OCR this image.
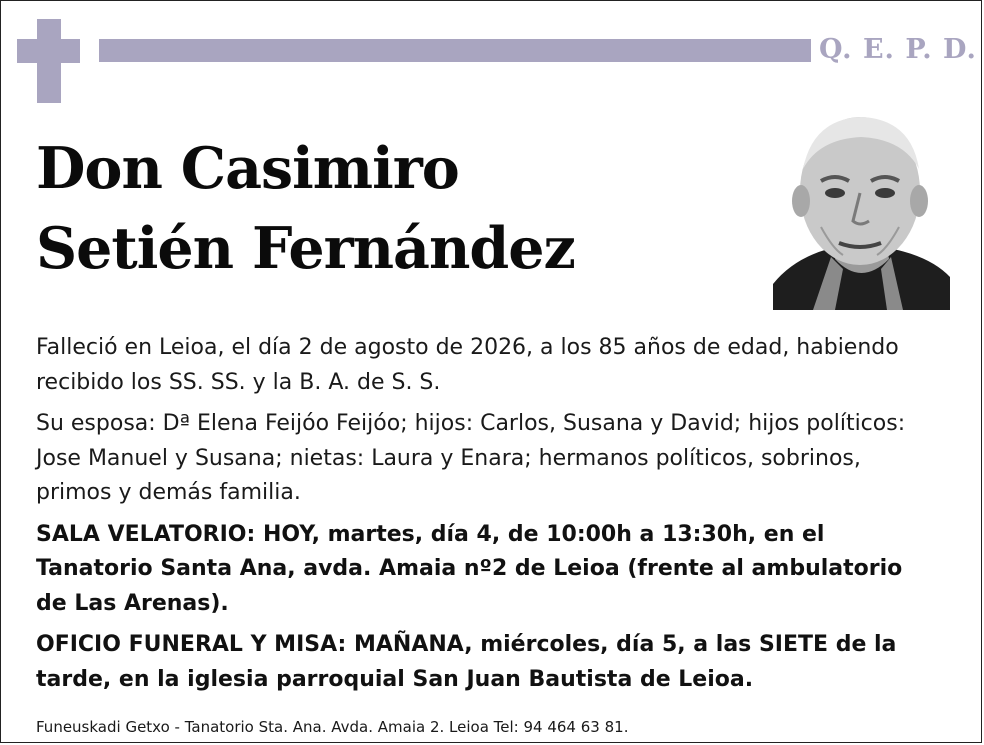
Q. E. P. D.
Don Casimiro
Setién Fernández

Falleció en Leioa, el día 2 de agosto de 2026, a los 85 años de edad, habiendo recibido los SS. SS. y la B. A. de S. S.

Su esposa: Dª Elena Feijóo Feijóo; hijos: Carlos, Susana y David; hijos políticos: Jose Manuel y Susana; nietas: Laura y Enara; hermanos políticos, sobrinos, primos y demás familia.

SALA VELATORIO: HOY, martes, día 4, de 10:00h a 13:30h, en el Tanatorio Santa Ana, avda. Amaia nº2 de Leioa (frente al ambulatorio de Las Arenas).

OFICIO FUNERAL Y MISA: MAÑANA, miércoles, día 5, a las SIETE de la tarde, en la iglesia parroquial San Juan Bautista de Leioa.

Funeuskadi Getxo - Tanatorio Sta. Ana. Avda. Amaia 2. Leioa Tel: 94 464 63 81.
